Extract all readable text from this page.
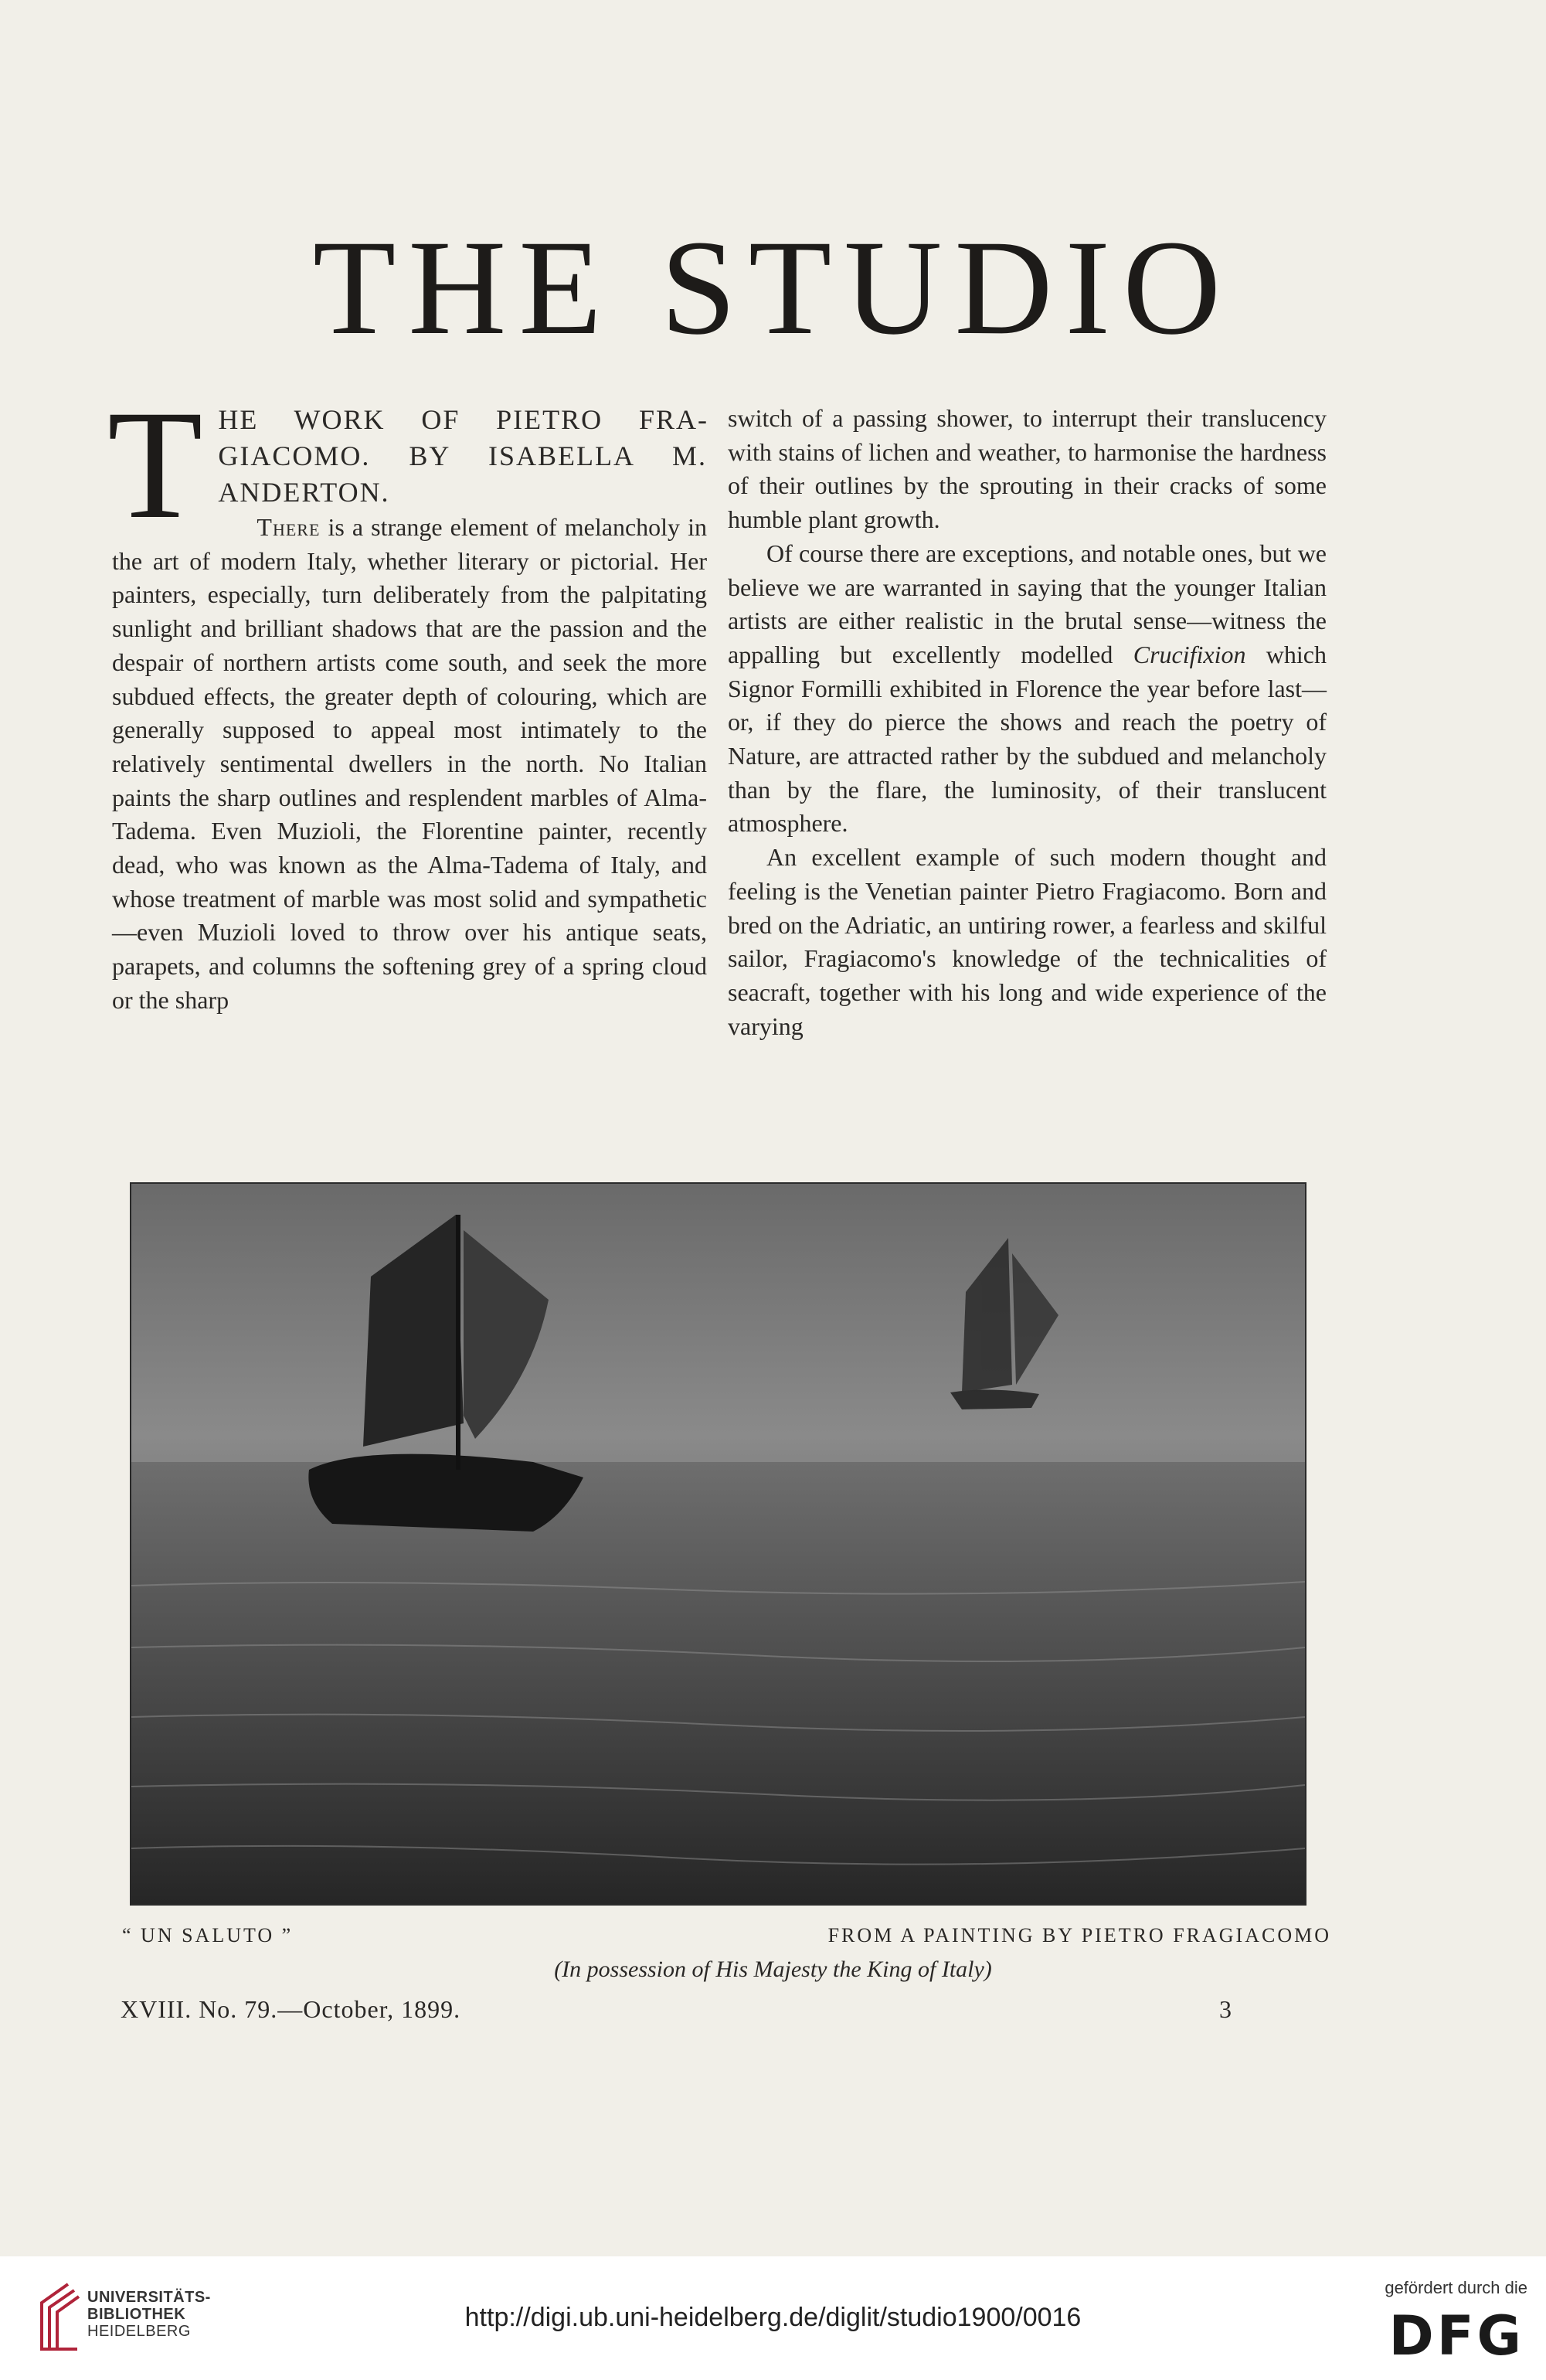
THE STUDIO

THE WORK OF PIETRO FRAGIACOMO. BY ISABELLA M. ANDERTON.

There is a strange element of melancholy in the art of modern Italy, whether literary or pictorial. Her painters, especially, turn deliberately from the palpitating sunlight and brilliant shadows that are the passion and the despair of northern artists come south, and seek the more subdued effects, the greater depth of colouring, which are generally supposed to appeal most intimately to the relatively sentimental dwellers in the north. No Italian paints the sharp outlines and resplendent marbles of Alma-Tadema. Even Muzioli, the Florentine painter, recently dead, who was known as the Alma-Tadema of Italy, and whose treatment of marble was most solid and sympathetic—even Muzioli loved to throw over his antique seats, parapets, and columns the softening grey of a spring cloud or the sharp

switch of a passing shower, to interrupt their translucency with stains of lichen and weather, to harmonise the hardness of their outlines by the sprouting in their cracks of some humble plant growth.

Of course there are exceptions, and notable ones, but we believe we are warranted in saying that the younger Italian artists are either realistic in the brutal sense—witness the appalling but excellently modelled Crucifixion which Signor Formilli exhibited in Florence the year before last—or, if they do pierce the shows and reach the poetry of Nature, are attracted rather by the subdued and melancholy than by the flare, the luminosity, of their translucent atmosphere.

An excellent example of such modern thought and feeling is the Venetian painter Pietro Fragiacomo. Born and bred on the Adriatic, an untiring rower, a fearless and skilful sailor, Fragiacomo's knowledge of the technicalities of seacraft, together with his long and wide experience of the varying

“ UN SALUTO ”	FROM A PAINTING BY PIETRO FRAGIACOMO
(In possession of His Majesty the King of Italy)
XVIII. No. 79.—October, 1899.	3
UNIVERSITÄTS-
BIBLIOTHEK
HEIDELBERG	http://digi.ub.uni-heidelberg.de/diglit/studio1900/0016
gefördert durch die
DFG
